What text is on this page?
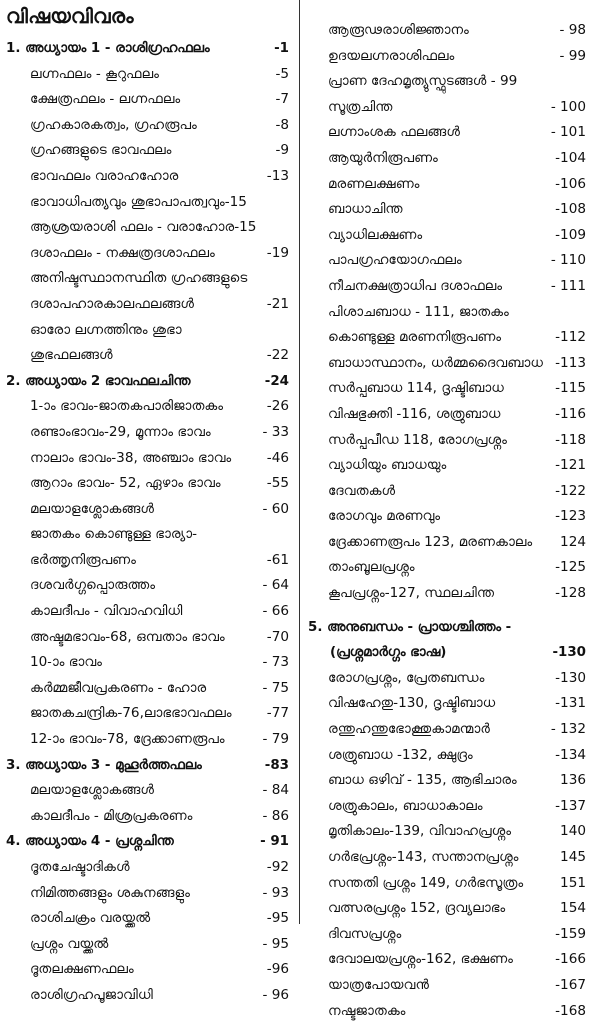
വിഷയവിവരം
1. അധ്യായം 1 - രാശിഗ്രഹഫലം	-1
ലഗ്നഫലം - കൂറുഫലം	-5
ക്ഷേത്രഫലം - ലഗ്നഫലം	-7
ഗ്രഹകാരകത്വം, ഗ്രഹരൂപം	-8
ഗ്രഹങ്ങളുടെ ഭാവഫലം	-9
ഭാവഫലം വരാഹഹോര	-13
ഭാവാധിപത്യവും ശുഭാപാപത്വവും-15
ആശ്രയരാശി ഫലം - വരാഹോര-15
ദശാഫലം - നക്ഷത്രദശാഫലം	-19
അനിഷ്ടസ്ഥാനസ്ഥിത ഗ്രഹങ്ങളുടെ
ദശാപഹാരകാലഫലങ്ങൾ	-21
ഓരോ ലഗ്നത്തിനും ശുഭാ
ശുഭഫലങ്ങൾ	-22
2. അധ്യായം 2 ഭാവഫലചിന്ത	-24
1-ാം ഭാവം-ജാതകപാരിജാതകം	-26
രണ്ടാംഭാവം-29, മൂന്നാം ഭാവം	- 33
നാലാം ഭാവം-38, അഞ്ചാം ഭാവം	-46
ആറാം ഭാവം- 52, ഏഴാം ഭാവം	-55
മലയാളശ്ലോകങ്ങൾ	- 60
ജാതകം കൊണ്ടുള്ള ഭാര്യാ-
ഭർത്തൃനിരൂപണം	-61
ദശവർഗ്ഗപ്പൊരുത്തം	- 64
കാലദീപം - വിവാഹവിധി	- 66
അഷ്ടമഭാവം-68, ഒമ്പതാം ഭാവം	-70
10-ാം ഭാവം	- 73
കർമ്മജീവപ്രകരണം - ഹോര	- 75
ജാതകചന്ദ്രിക-76,ലാഭഭാവഫലം	-77
12-ാം ഭാവം-78, ദ്രേക്കാണരൂപം	- 79
3. അധ്യായം 3 - മുഹൂർത്തഫലം	-83
മലയാളശ്ലോകങ്ങൾ	- 84
കാലദീപം - മിശ്രപ്രകരണം	- 86
4. അധ്യായം 4 - പ്രശ്നചിന്ത	- 91
ദൂതചേഷ്ടാദികൾ	-92
നിമിത്തങ്ങളും ശകുനങ്ങളും	- 93
രാശിചക്രം വരയ്ക്കൽ	-95
പ്രശ്നം വയ്ക്കൽ	- 95
ദൂതലക്ഷണഫലം	-96
രാശിഗ്രഹപൂജാവിധി	- 96
ആരൂഢരാശിജ്ഞാനം	- 98
ഉദയലഗ്നരാശിഫലം	- 99
പ്രാണ ദേഹമൃത്യുസ്ഫുടങ്ങൾ - 99
സൂത്രചിന്ത	- 100
ലഗ്നാംശക ഫലങ്ങൾ	- 101
ആയുർനിരൂപണം	-104
മരണലക്ഷണം	-106
ബാധാചിന്ത	-108
വ്യാധിലക്ഷണം	-109
പാപഗ്രഹയോഗഫലം	- 110
നീചനക്ഷത്രാധിപ ദശാഫലം	- 111
പിശാചബാധ - 111, ജാതകം
കൊണ്ടുള്ള മരണനിരൂപണം	-112
ബാധാസ്ഥാനം, ധർമ്മദൈവബാധ -113
സർപ്പബാധ 114, ദൃഷ്ടിബാധ	-115
വിഷഭുക്തി -116, ശത്രുബാധ	-116
സർപ്പപീഡ 118, രോഗപ്രശ്നം	-118
വ്യാധിയും ബാധയും	-121
ദേവതകൾ	-122
രോഗവും മരണവും	-123
ദ്രേക്കാണരൂപം 123, മരണകാലം 124
താംബൂലപ്രശ്നം	-125
കൂപപ്രശ്നം-127, സ്ഥലചിന്ത	-128
5. അനുബന്ധം - പ്രായശ്ചിത്തം -
(പ്രശ്നമാർഗ്ഗം ഭാഷ)	-130
രോഗപ്രശ്നം, പ്രേതബന്ധം	-130
വിഷഹേതു-130, ദൃഷ്ടിബാധ	-131
രന്തുഹന്തുഭോക്തുകാമന്മാർ	- 132
ശത്രുബാധ -132, ക്ഷുദ്രം	-134
ബാധ ഒഴിവ് - 135, ആഭിചാരം	136
ശത്രുകാലം, ബാധാകാലം	-137
മൃതികാലം-139, വിവാഹപ്രശ്നം	140
ഗർഭപ്രശ്നം-143, സന്താനപ്രശ്നം	145
സന്തതി പ്രശ്നം 149, ഗർഭസൂത്രം	151
വത്സരപ്രശ്നം 152, ദ്രവ്യലാഭം	154
ദിവസപ്രശ്നം	-159
ദേവാലയപ്രശ്നം-162, ഭക്ഷണം	-166
യാത്രപോയവൻ	-167
നഷ്ടജാതകം	-168
